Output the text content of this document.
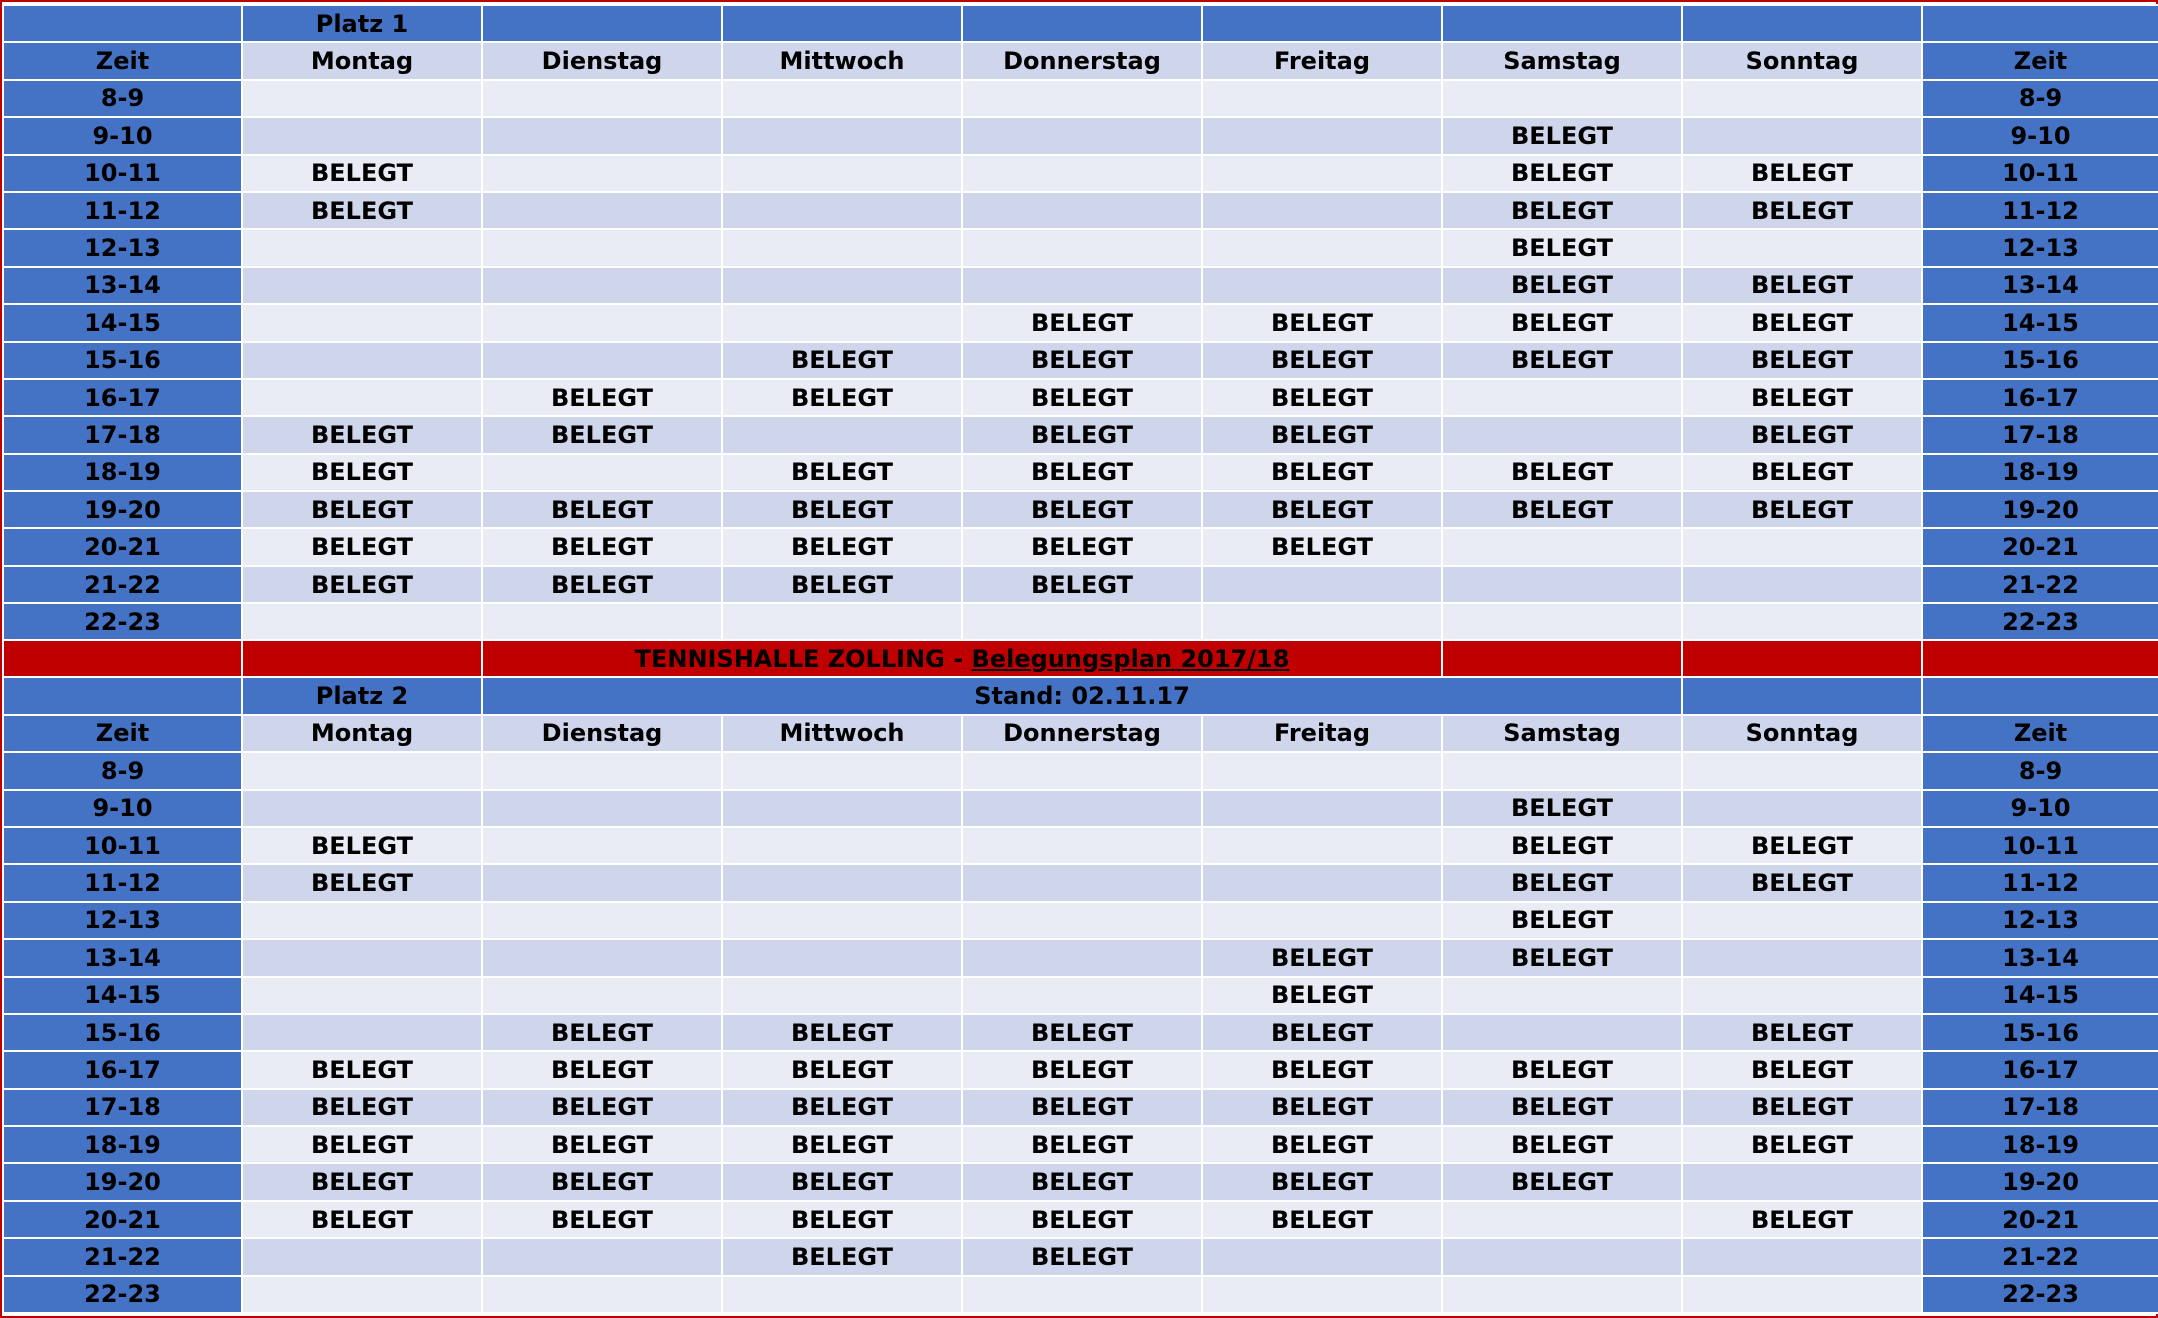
	Platz 1							
Zeit	Montag	Dienstag	Mittwoch	Donnerstag	Freitag	Samstag	Sonntag	Zeit
8-9								8-9
9-10						BELEGT		9-10
10-11	BELEGT					BELEGT	BELEGT	10-11
11-12	BELEGT					BELEGT	BELEGT	11-12
12-13						BELEGT		12-13
13-14						BELEGT	BELEGT	13-14
14-15				BELEGT	BELEGT	BELEGT	BELEGT	14-15
15-16			BELEGT	BELEGT	BELEGT	BELEGT	BELEGT	15-16
16-17		BELEGT	BELEGT	BELEGT	BELEGT		BELEGT	16-17
17-18	BELEGT	BELEGT		BELEGT	BELEGT		BELEGT	17-18
18-19	BELEGT		BELEGT	BELEGT	BELEGT	BELEGT	BELEGT	18-19
19-20	BELEGT	BELEGT	BELEGT	BELEGT	BELEGT	BELEGT	BELEGT	19-20
20-21	BELEGT	BELEGT	BELEGT	BELEGT	BELEGT			20-21
21-22	BELEGT	BELEGT	BELEGT	BELEGT				21-22
22-23								22-23
		TENNISHALLE ZOLLING - Belegungsplan 2017/18						
	Platz 2	Stand: 02.11.17						
Zeit	Montag	Dienstag	Mittwoch	Donnerstag	Freitag	Samstag	Sonntag	Zeit
8-9								8-9
9-10						BELEGT		9-10
10-11	BELEGT					BELEGT	BELEGT	10-11
11-12	BELEGT					BELEGT	BELEGT	11-12
12-13						BELEGT		12-13
13-14					BELEGT	BELEGT		13-14
14-15					BELEGT			14-15
15-16		BELEGT	BELEGT	BELEGT	BELEGT		BELEGT	15-16
16-17	BELEGT	BELEGT	BELEGT	BELEGT	BELEGT	BELEGT	BELEGT	16-17
17-18	BELEGT	BELEGT	BELEGT	BELEGT	BELEGT	BELEGT	BELEGT	17-18
18-19	BELEGT	BELEGT	BELEGT	BELEGT	BELEGT	BELEGT	BELEGT	18-19
19-20	BELEGT	BELEGT	BELEGT	BELEGT	BELEGT	BELEGT		19-20
20-21	BELEGT	BELEGT	BELEGT	BELEGT	BELEGT		BELEGT	20-21
21-22			BELEGT	BELEGT				21-22
22-23								22-23
